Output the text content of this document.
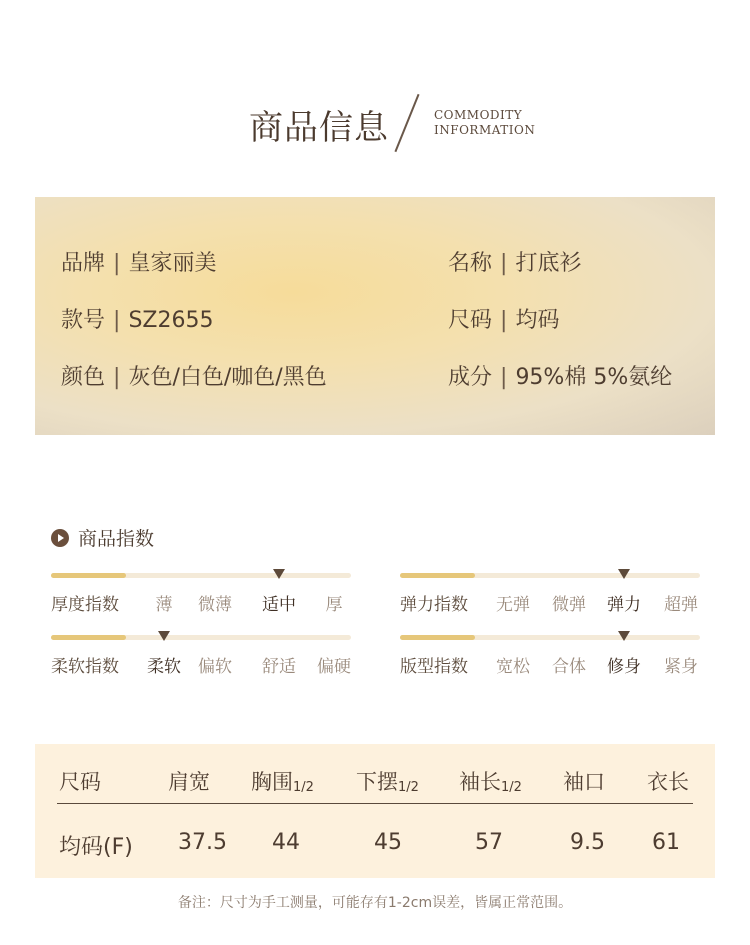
商品信息	COMMODITY
INFORMATION
品牌 | 皇家丽美	名称 | 打底衫
款号 | SZ2655	尺码 | 均码
颜色 | 灰色/白色/咖色/黑色	成分 | 95%棉 5%氨纶
商品指数
厚度指数 薄 微薄 适中 厚	弹力指数 无弹 微弹 弹力 超弹
柔软指数 柔软 偏软 舒适 偏硬	版型指数 宽松 合体 修身 紧身
尺码	肩宽 胸围$_{1/2}$ 下摆$_{1/2}$ 袖长$_{1/2}$ 袖口 衣长
均码(F) 37.5 44	45	57	9.5 61
备注：尺寸为手工测量，可能存有1-2cm误差，皆属正常范围。
